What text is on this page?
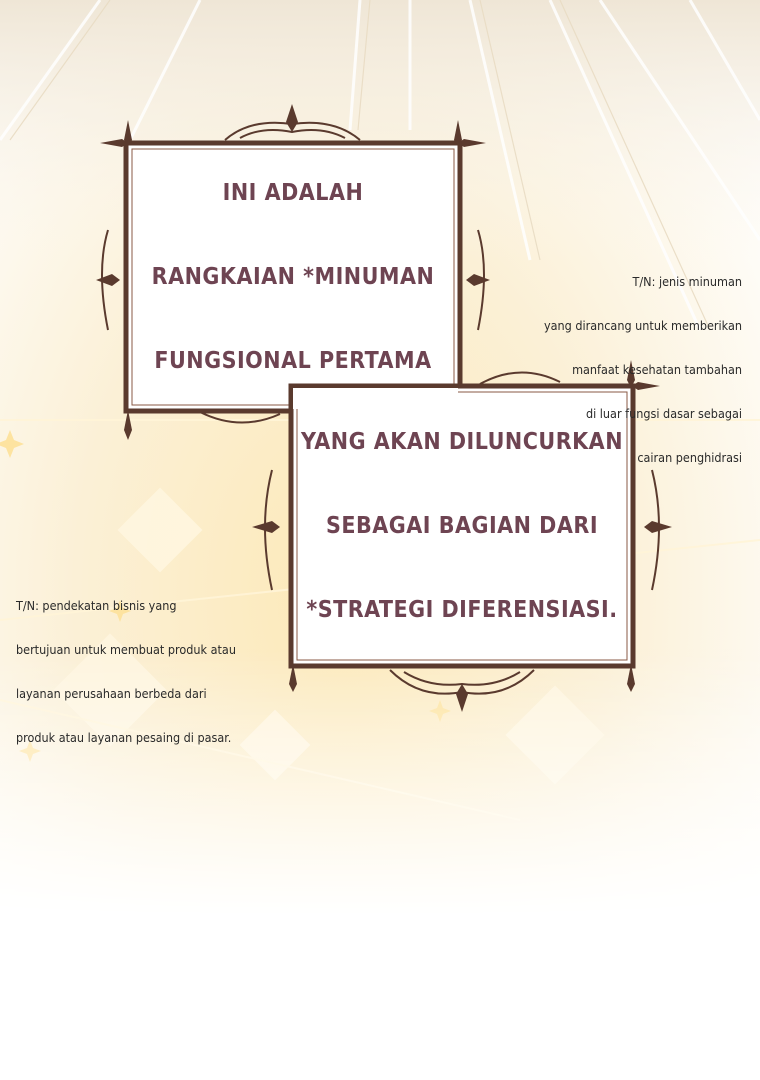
INI ADALAH

RANGKAIAN *MINUMAN

FUNGSIONAL PERTAMA

YANG AKAN DILUNCURKAN

SEBAGAI BAGIAN DARI

*STRATEGI DIFERENSIASI.

T/N: jenis minuman

yang dirancang untuk memberikan

manfaat kesehatan tambahan

di luar fungsi dasar sebagai

cairan penghidrasi

T/N: pendekatan bisnis yang

bertujuan untuk membuat produk atau

layanan perusahaan berbeda dari

produk atau layanan pesaing di pasar.
